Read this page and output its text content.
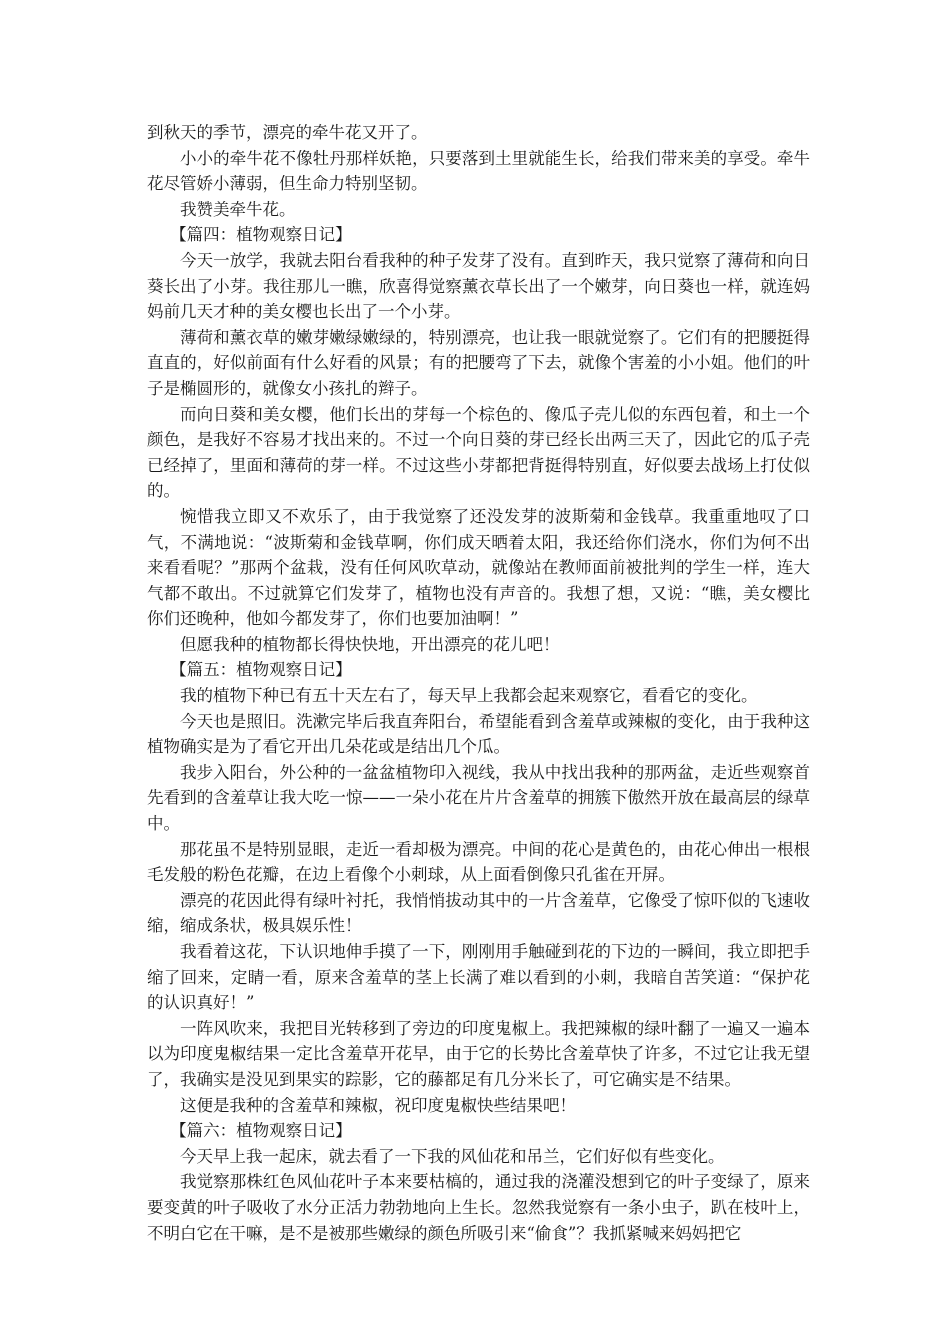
到秋天的季节，漂亮的牵牛花又开了。

小小的牵牛花不像牡丹那样妖艳，只要落到土里就能生长，给我们带来美的享受。牵牛花尽管娇小薄弱，但生命力特别坚韧。

我赞美牵牛花。

【篇四：植物观察日记】

今天一放学，我就去阳台看我种的种子发芽了没有。直到昨天，我只觉察了薄荷和向日葵长出了小芽。我往那儿一瞧，欣喜得觉察薰衣草长出了一个嫩芽，向日葵也一样，就连妈妈前几天才种的美女樱也长出了一个小芽。

薄荷和薰衣草的嫩芽嫩绿嫩绿的，特别漂亮，也让我一眼就觉察了。它们有的把腰挺得直直的，好似前面有什么好看的风景；有的把腰弯了下去，就像个害羞的小小姐。他们的叶子是椭圆形的，就像女小孩扎的辫子。

而向日葵和美女樱，他们长出的芽每一个棕色的、像瓜子壳儿似的东西包着，和土一个颜色，是我好不容易才找出来的。不过一个向日葵的芽已经长出两三天了，因此它的瓜子壳已经掉了，里面和薄荷的芽一样。不过这些小芽都把背挺得特别直，好似要去战场上打仗似的。

惋惜我立即又不欢乐了，由于我觉察了还没发芽的波斯菊和金钱草。我重重地叹了口气，不满地说：“波斯菊和金钱草啊，你们成天晒着太阳，我还给你们浇水，你们为何不出来看看呢？”那两个盆栽，没有任何风吹草动，就像站在教师面前被批判的学生一样，连大气都不敢出。不过就算它们发芽了，植物也没有声音的。我想了想，又说：“瞧，美女樱比你们还晚种，他如今都发芽了，你们也要加油啊！”

但愿我种的植物都长得快快地，开出漂亮的花儿吧！

【篇五：植物观察日记】

我的植物下种已有五十天左右了，每天早上我都会起来观察它，看看它的变化。

今天也是照旧。洗漱完毕后我直奔阳台，希望能看到含羞草或辣椒的变化，由于我种这植物确实是为了看它开出几朵花或是结出几个瓜。

我步入阳台，外公种的一盆盆植物印入视线，我从中找出我种的那两盆，走近些观察首先看到的含羞草让我大吃一惊——一朵小花在片片含羞草的拥簇下傲然开放在最高层的绿草中。

那花虽不是特别显眼，走近一看却极为漂亮。中间的花心是黄色的，由花心伸出一根根毛发般的粉色花瓣，在边上看像个小刺球，从上面看倒像只孔雀在开屏。

漂亮的花因此得有绿叶衬托，我悄悄拔动其中的一片含羞草，它像受了惊吓似的飞速收缩，缩成条状，极具娱乐性！

我看着这花，下认识地伸手摸了一下，刚刚用手触碰到花的下边的一瞬间，我立即把手缩了回来，定睛一看，原来含羞草的茎上长满了难以看到的小刺，我暗自苦笑道：“保护花的认识真好！”

一阵风吹来，我把目光转移到了旁边的印度鬼椒上。我把辣椒的绿叶翻了一遍又一遍本以为印度鬼椒结果一定比含羞草开花早，由于它的长势比含羞草快了许多，不过它让我无望了，我确实是没见到果实的踪影，它的藤都足有几分米长了，可它确实是不结果。

这便是我种的含羞草和辣椒，祝印度鬼椒快些结果吧！

【篇六：植物观察日记】

今天早上我一起床，就去看了一下我的风仙花和吊兰，它们好似有些变化。

我觉察那株红色风仙花叶子本来要枯槁的，通过我的浇灌没想到它的叶子变绿了，原来要变黄的叶子吸收了水分正活力勃勃地向上生长。忽然我觉察有一条小虫子，趴在枝叶上，不明白它在干嘛，是不是被那些嫩绿的颜色所吸引来“偷食”？我抓紧喊来妈妈把它
